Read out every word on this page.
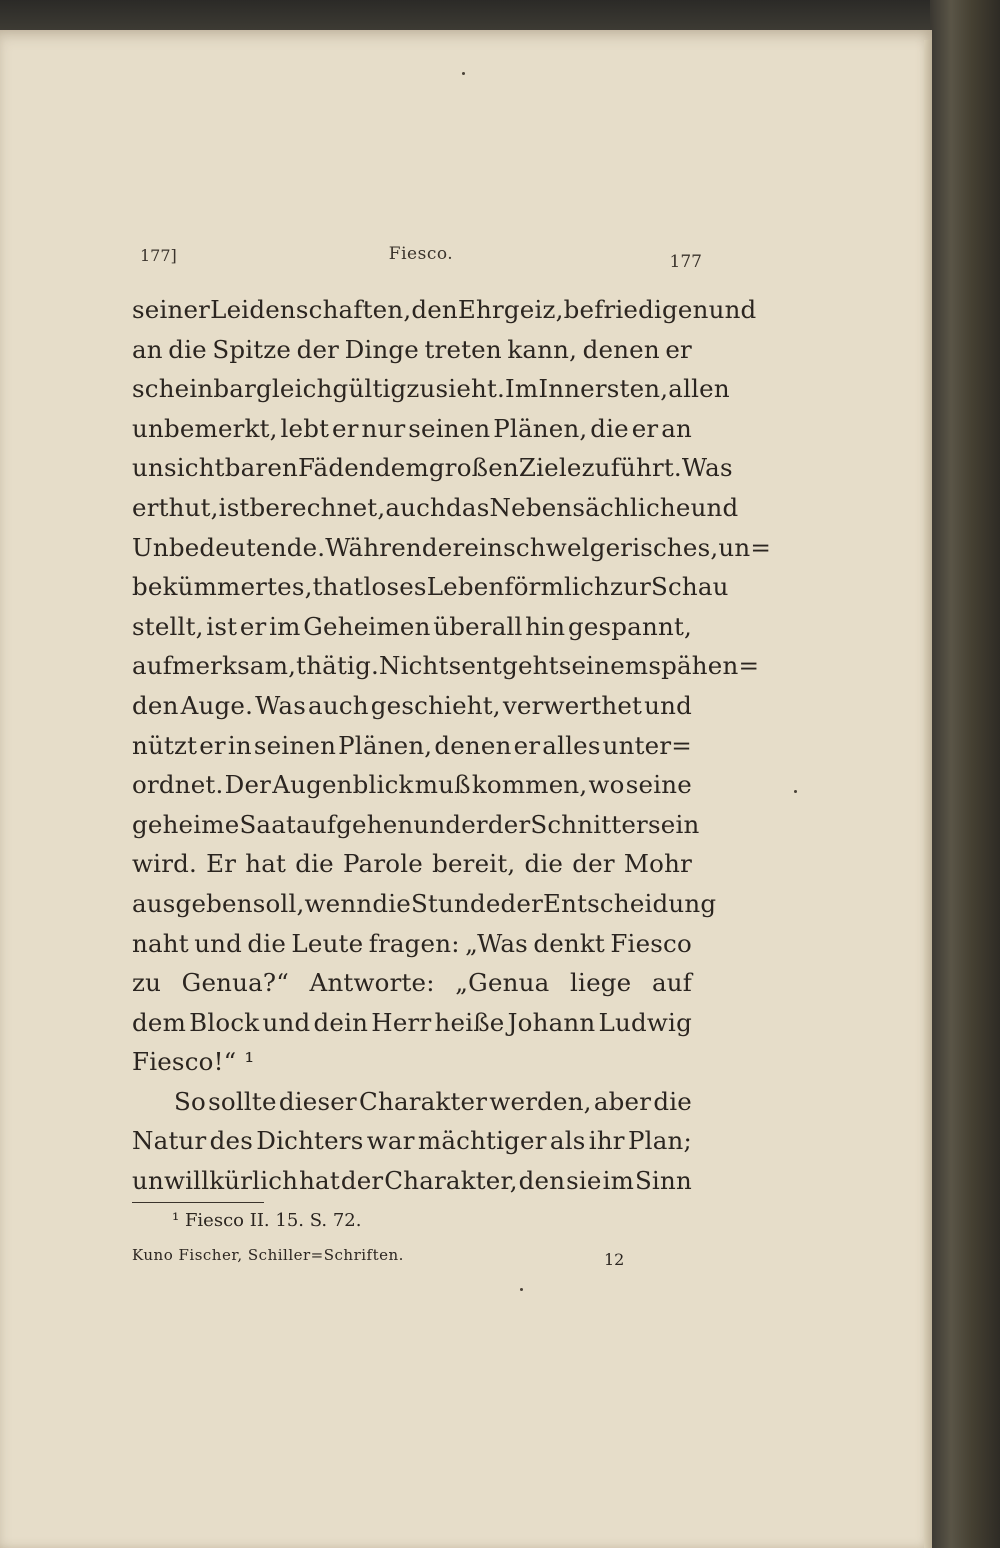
177]	Fiesco.	177
seiner Leidenschaften, den Ehrgeiz, befriedigen und
an die Spitze der Dinge treten kann, denen er
scheinbar gleichgültig zusieht. Im Innersten, allen
unbemerkt, lebt er nur seinen Plänen, die er an
unsichtbaren Fäden dem großen Ziele zuführt. Was
er thut, ist berechnet, auch das Nebensächliche und
Unbedeutende. Während er ein schwelgerisches, un=
bekümmertes, thatloses Leben förmlich zur Schau
stellt, ist er im Geheimen überall hin gespannt,
aufmerksam, thätig. Nichts entgeht seinem spähen=
den Auge. Was auch geschieht, verwerthet und
nützt er in seinen Plänen, denen er alles unter=
ordnet. Der Augenblick muß kommen, wo seine
geheime Saat aufgehen und er der Schnitter sein
wird. Er hat die Parole bereit, die der Mohr
ausgeben soll, wenn die Stunde der Entscheidung
naht und die Leute fragen: „Was denkt Fiesco
zu Genua?“ Antworte: „Genua liege auf
dem Block und dein Herr heiße Johann Ludwig
Fiesco!“ ¹
So sollte dieser Charakter werden, aber die
Natur des Dichters war mächtiger als ihr Plan;
unwillkürlich hat der Charakter, den sie im Sinn
¹ Fiesco II. 15. S. 72.
Kuno Fischer, Schiller=Schriften.	12
